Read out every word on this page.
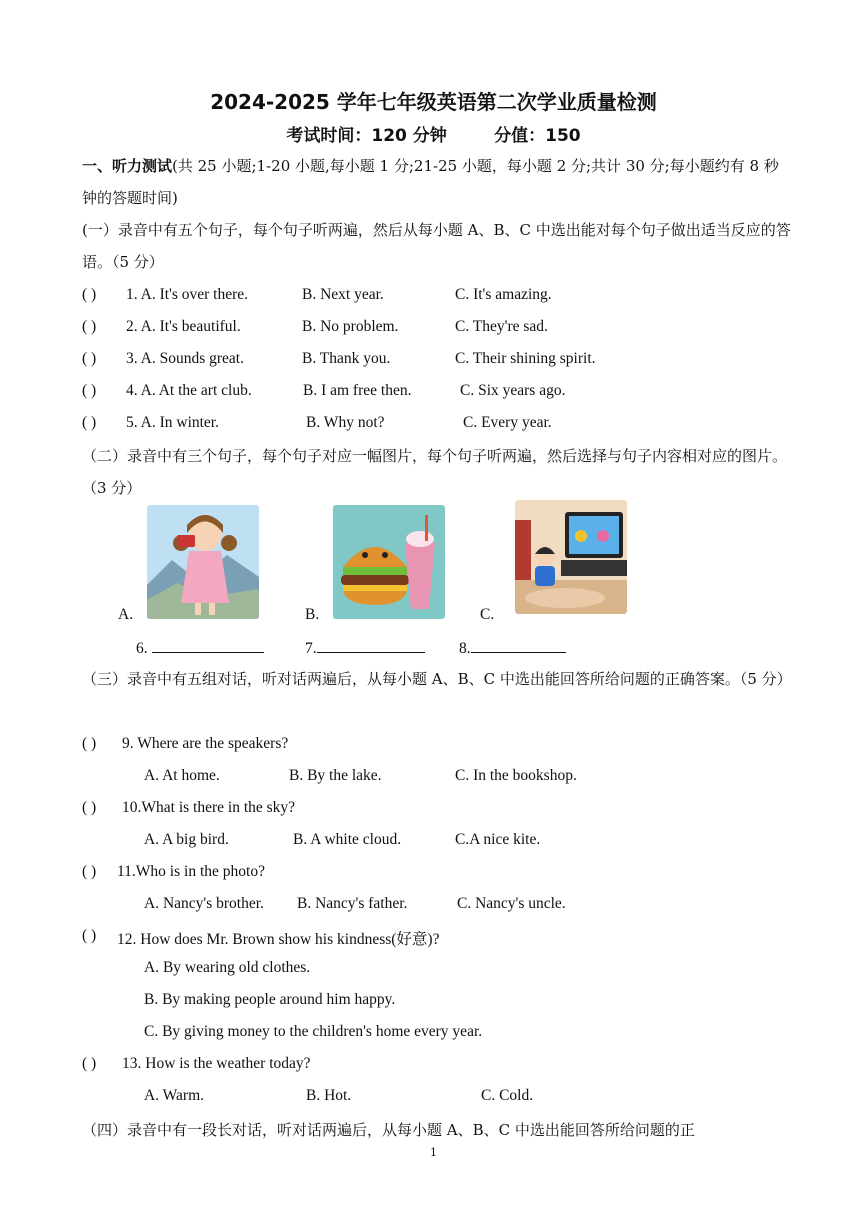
2024-2025 学年七年级英语第二次学业质量检测
考试时间：120 分钟        分值：150
一、听力测试(共 25 小题;1-20 小题,每小题 1 分;21-25 小题，每小题 2 分;共计 30 分;每小题约有 8 秒钟的答题时间)
(一）录音中有五个句子，每个句子听两遍，然后从每小题 A、B、C 中选出能对每个句子做出适当反应的答语。（5 分）
( ) 1. A. It's over there.	B. Next year.	C. It's amazing.
( ) 2. A. It's beautiful.	B. No problem.	C. They're sad.
( ) 3. A. Sounds great.	B. Thank you.	C. Their shining spirit.
( ) 4. A. At the art club.	B. I am free then.	C. Six years ago.
( ) 5. A. In winter.	B. Why not?	C. Every year.
（二）录音中有三个句子，每个句子对应一幅图片，每个句子听两遍，然后选择与句子内容相对应的图片。（3 分）
A.	B.	C.
6.	7.	8.
（三）录音中有五组对话，听对话两遍后，从每小题 A、B、C 中选出能回答所给问题的正确答案。（5 分）
( ) 9. Where are the speakers?
A. At home.	B. By the lake.	C. In the bookshop.
( ) 10.What is there in the sky?
A. A big bird.	B. A white cloud.	C.A nice kite.
( ) 11.Who is in the photo?
A. Nancy's brother. B. Nancy's father.	C. Nancy's uncle.
( ) 12. How does Mr. Brown show his kindness(好意)?
A. By wearing old clothes.
B. By making people around him happy.
C. By giving money to the children's home every year.
( ) 13. How is the weather today?
A. Warm.	B. Hot.	C. Cold.
（四）录音中有一段长对话，听对话两遍后，从每小题 A、B、C 中选出能回答所给问题的正
1
